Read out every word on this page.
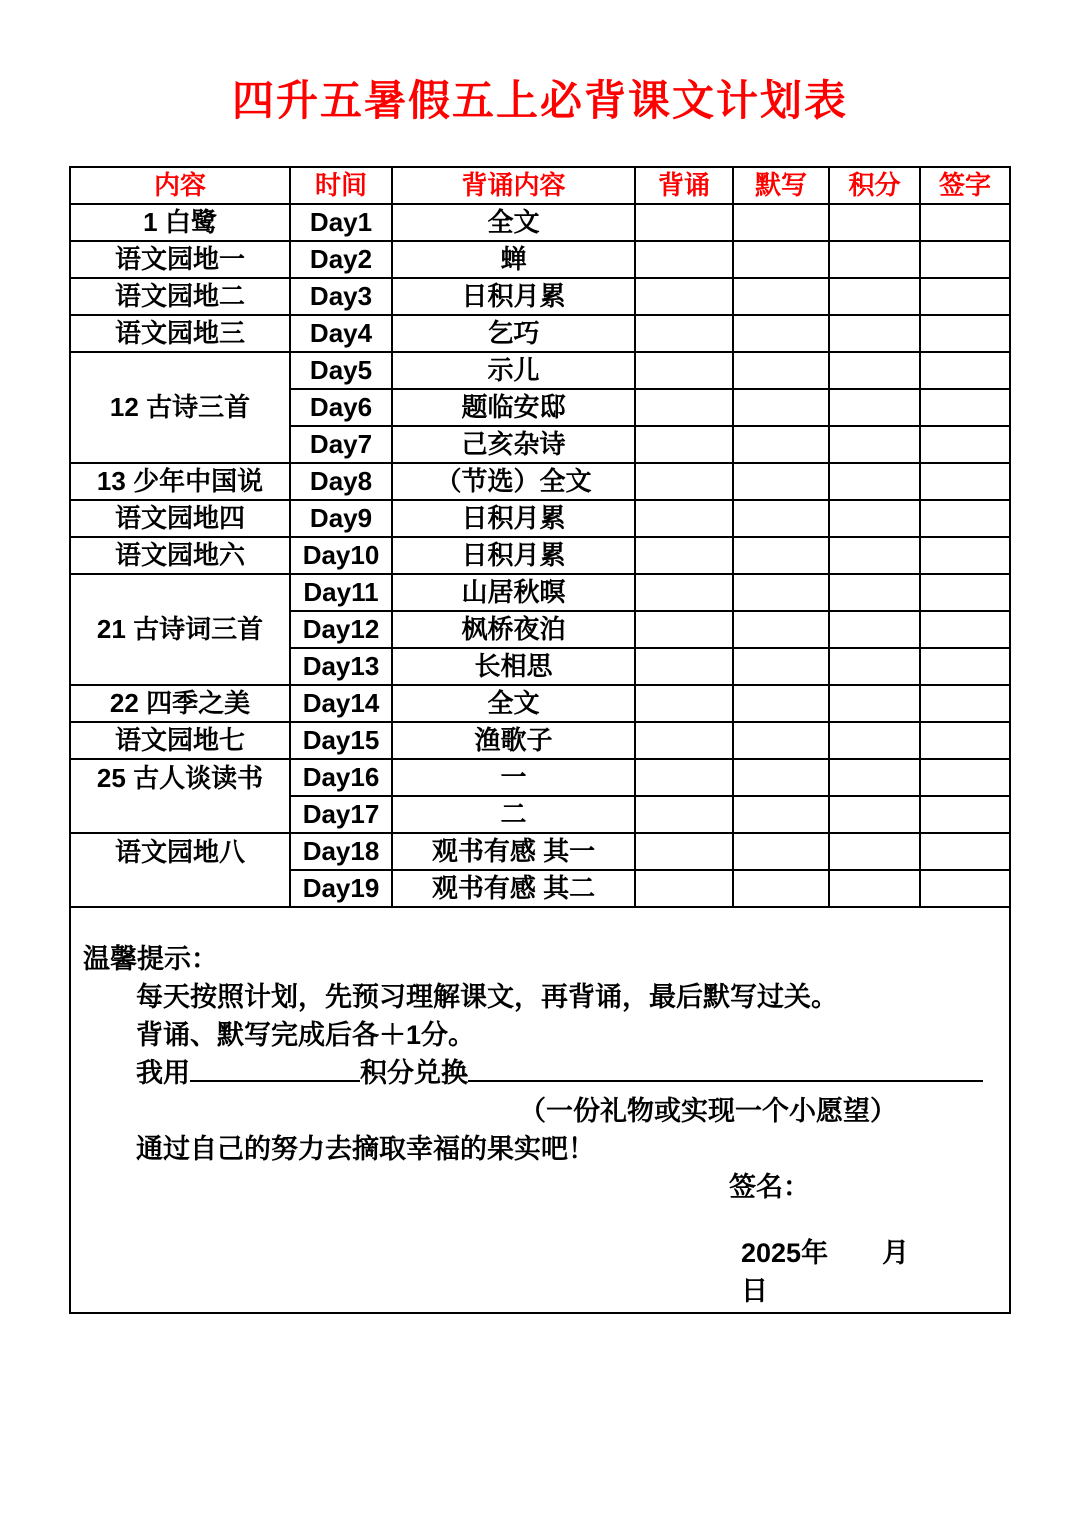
四升五暑假五上必背课文计划表
内容	时间	背诵内容	背诵	默写	积分	签字
1 白鹭	Day1	全文				
语文园地一	Day2	蝉				
语文园地二	Day3	日积月累				
语文园地三	Day4	乞巧				
12 古诗三首	Day5	示儿				
	Day6	题临安邸				
	Day7	己亥杂诗				
13 少年中国说	Day8	（节选）全文				
语文园地四	Day9	日积月累				
语文园地六	Day10	日积月累				
21 古诗词三首	Day11	山居秋暝				
	Day12	枫桥夜泊				
	Day13	长相思				
22 四季之美	Day14	全文				
语文园地七	Day15	渔歌子				
25 古人谈读书	Day16	一				
	Day17	二				
语文园地八	Day18	观书有感 其一				
	Day19	观书有感 其二				

温馨提示：
每天按照计划，先预习理解课文，再背诵，最后默写过关。
背诵、默写完成后各＋1分。
我用	积分兑换
（一份礼物或实现一个小愿望）
通过自己的努力去摘取幸福的果实吧！
签名：
2025年　　月　　　日
